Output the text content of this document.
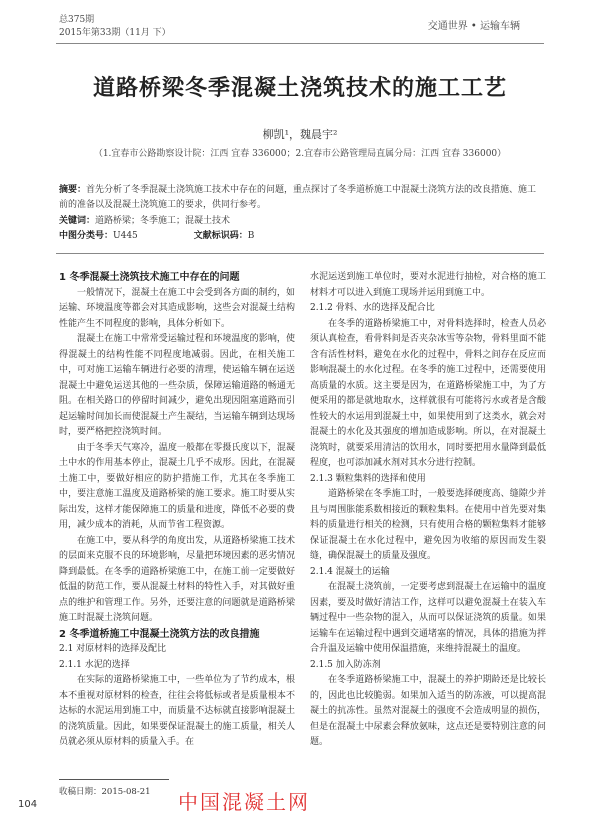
总375期
2015年第33期（11月 下）
交通世界 • 运输车辆
道路桥梁冬季混凝土浇筑技术的施工工艺
柳凯¹，魏晨宇²
（1.宜春市公路勘察设计院：江西 宜春 336000；2.宜春市公路管理局直属分局：江西 宜春 336000）
摘要：首先分析了冬季混凝土浇筑施工技术中存在的问题，重点探讨了冬季道桥施工中混凝土浇筑方法的改良措施、施工前的准备以及混凝土浇筑施工的要求，供同行参考。
关键词：道路桥梁；冬季施工；混凝土技术
中图分类号：U445	文献标识码：B
1 冬季混凝土浇筑技术施工中存在的问题

一般情况下，混凝土在施工中会受到各方面的制约，如运输、环境温度等都会对其造成影响，这些会对混凝土结构性能产生不同程度的影响，具体分析如下。

混凝土在施工中常常受运输过程和环境温度的影响，使得混凝土的结构性能不同程度地减弱。因此，在相关施工中，可对施工运输车辆进行必要的清理，使运输车辆在运送混凝土中避免运送其他的一些杂质，保障运输道路的畅通无阻。在相关路口的停留时间减少，避免出现因阻塞道路而引起运输时间加长而使混凝土产生凝结，当运输车辆到达现场时，要严格把控浇筑时间。

由于冬季天气寒冷，温度一般都在零摄氏度以下，混凝土中水的作用基本停止，混凝土几乎不成形。因此，在混凝土施工中，要做好相应的防护措施工作，尤其在冬季施工中，要注意施工温度及道路桥梁的施工要求。施工时要从实际出发，这样才能保障施工的质量和进度，降低不必要的费用，减少成本的消耗，从而节省工程资源。

在施工中，要从科学的角度出发，从道路桥梁施工技术的层面来克服不良的环境影响，尽量把环境因素的恶劣情况降到最低。在冬季的道路桥梁施工中，在施工前一定要做好低温的防范工作，要从混凝土材料的特性入手，对其做好重点的维护和管理工作。另外，还要注意的问题就是道路桥梁施工时混凝土浇筑问题。

2 冬季道桥施工中混凝土浇筑方法的改良措施
2.1 对原材料的选择及配比
2.1.1 水泥的选择

在实际的道路桥梁施工中，一些单位为了节约成本，根本不重视对原材料的检查，往往会将低标或者是质量根本不达标的水泥运用到施工中，而质量不达标就直接影响混凝土的浇筑质量。因此，如果要保证混凝土的施工质量，相关人员就必须从原材料的质量入手。在

水泥运送到施工单位时，要对水泥进行抽检，对合格的施工材料才可以进入到施工现场并运用到施工中。

2.1.2 骨料、水的选择及配合比

在冬季的道路桥梁施工中，对骨料选择时，检查人员必须认真检查，看骨料间是否夹杂冰雪等杂物，骨料里面不能含有活性材料，避免在水化的过程中，骨料之间存在反应而影响混凝土的水化过程。在冬季的施工过程中，还需要使用高质量的水质。这主要是因为，在道路桥梁施工中，为了方便采用的都是就地取水，这样就很有可能将污水或者是含酸性较大的水运用到混凝土中，如果使用到了这类水，就会对混凝土的水化及其强度的增加造成影响。所以，在对混凝土浇筑时，就要采用清洁的饮用水，同时要把用水量降到最低程度，也可添加减水剂对其水分进行控制。

2.1.3 颗粒集料的选择和使用

道路桥梁在冬季施工时，一般要选择硬度高、缝隙少并且与周围胀能系数相接近的颗粒集料。在使用中首先要对集料的质量进行相关的检测，只有使用合格的颗粒集料才能够保证混凝土在水化过程中，避免因为收缩的原因而发生裂缝，确保混凝土的质量及强度。

2.1.4 混凝土的运输

在混凝土浇筑前，一定要考虑到混凝土在运输中的温度因素，要及时做好清洁工作，这样可以避免混凝土在装入车辆过程中一些杂物的混入，从而可以保证浇筑的质量。如果运输车在运输过程中遇到交通堵塞的情况，具体的措施为拌合升温及运输中使用保温措施，来维持混凝土的温度。

2.1.5 加入防冻剂

在冬季道路桥梁施工中，混凝土的养护期龄还是比较长的，因此也比较脆弱。如果加入适当的防冻液，可以提高混凝土的抗冻性。虽然对混凝土的强度不会造成明显的损伤，但是在混凝土中尿素会释放氨味，这点还是要特别注意的问题。

收稿日期：2015-08-21
104	中国混凝土网
